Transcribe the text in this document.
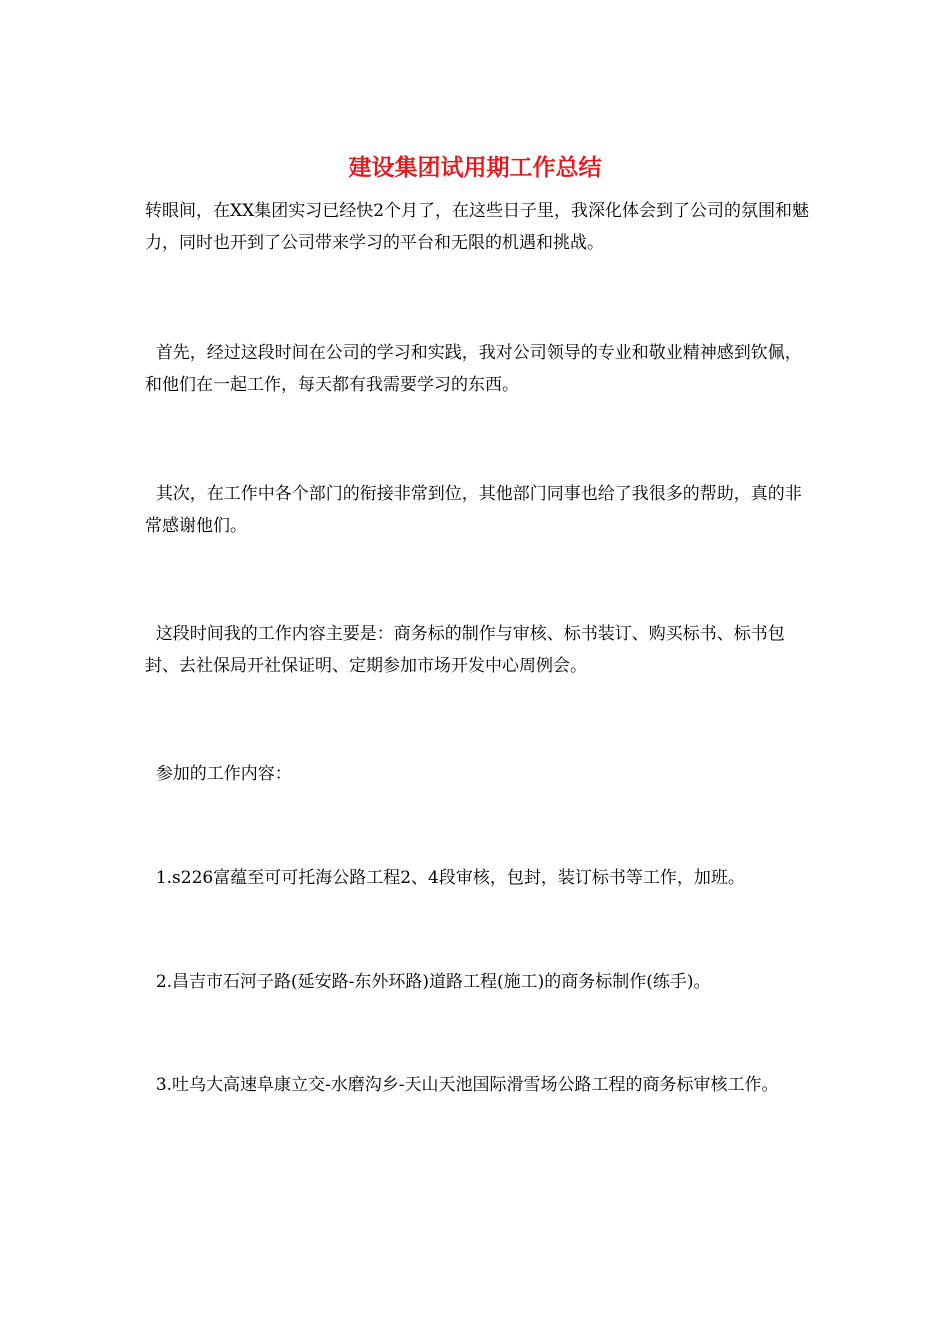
建设集团试用期工作总结

转眼间，在XX集团实习已经快2个月了，在这些日子里，我深化体会到了公司的氛围和魅力，同时也开到了公司带来学习的平台和无限的机遇和挑战。

首先，经过这段时间在公司的学习和实践，我对公司领导的专业和敬业精神感到钦佩，和他们在一起工作，每天都有我需要学习的东西。

其次，在工作中各个部门的衔接非常到位，其他部门同事也给了我很多的帮助，真的非常感谢他们。

这段时间我的工作内容主要是：商务标的制作与审核、标书装订、购买标书、标书包封、去社保局开社保证明、定期参加市场开发中心周例会。

参加的工作内容：

1.s226富蕴至可可托海公路工程2、4段审核，包封，装订标书等工作，加班。

2.昌吉市石河子路(延安路-东外环路)道路工程(施工)的商务标制作(练手)。

3.吐乌大高速阜康立交-水磨沟乡-天山天池国际滑雪场公路工程的商务标审核工作。
